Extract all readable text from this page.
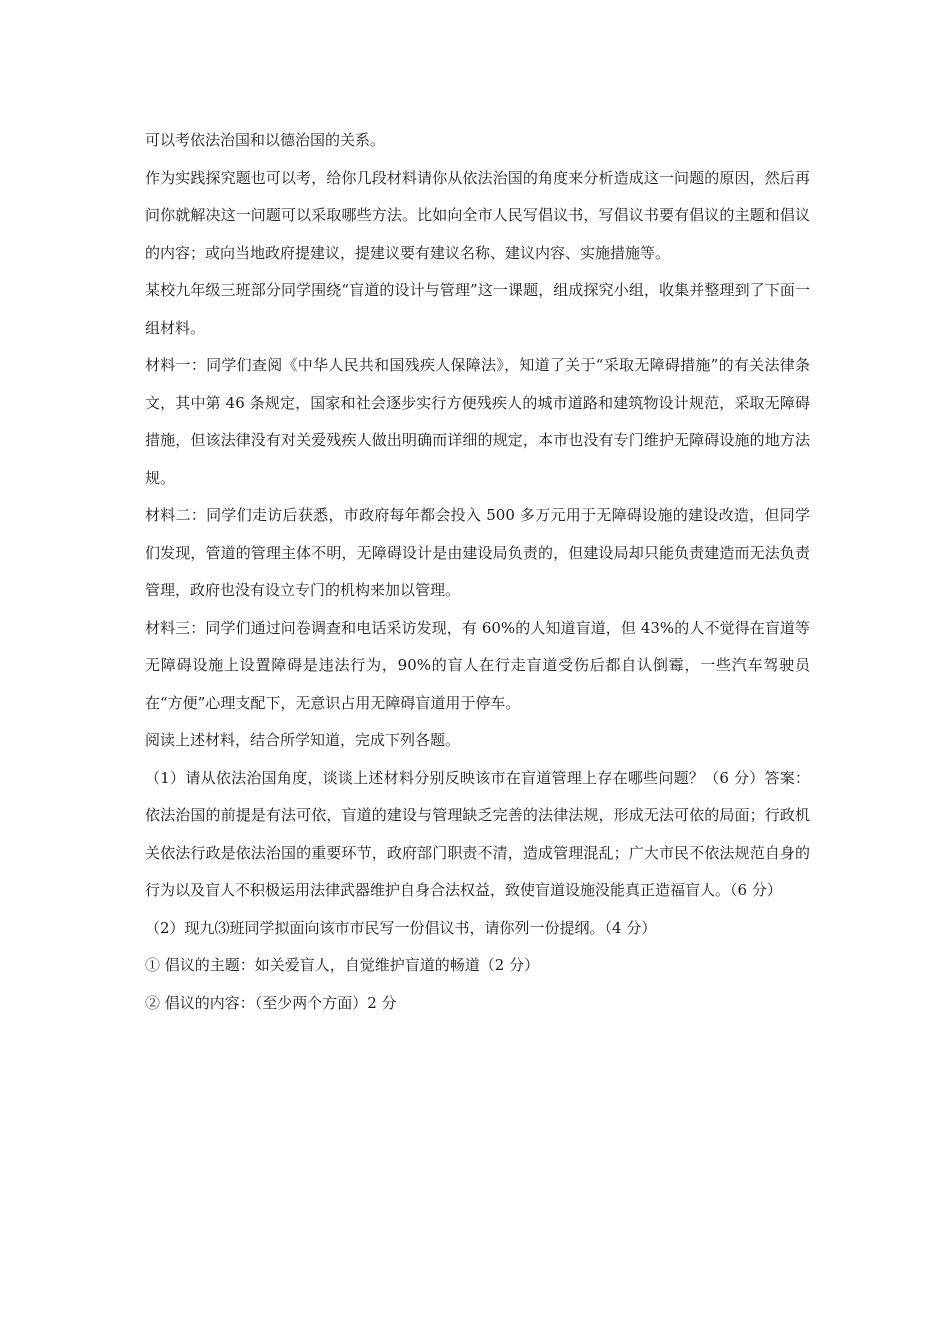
可以考依法治国和以德治国的关系。

作为实践探究题也可以考，给你几段材料请你从依法治国的角度来分析造成这一问题的原因，然后再问你就解决这一问题可以采取哪些方法。比如向全市人民写倡议书，写倡议书要有倡议的主题和倡议的内容；或向当地政府提建议，提建议要有建议名称、建议内容、实施措施等。

某校九年级三班部分同学围绕“盲道的设计与管理”这一课题，组成探究小组，收集并整理到了下面一组材料。

材料一：同学们查阅《中华人民共和国残疾人保障法》，知道了关于“采取无障碍措施”的有关法律条文，其中第 46 条规定，国家和社会逐步实行方便残疾人的城市道路和建筑物设计规范，采取无障碍措施，但该法律没有对关爱残疾人做出明确而详细的规定，本市也没有专门维护无障碍设施的地方法规。

材料二：同学们走访后获悉，市政府每年都会投入 500 多万元用于无障碍设施的建设改造，但同学们发现，管道的管理主体不明，无障碍设计是由建设局负责的，但建设局却只能负责建造而无法负责管理，政府也没有设立专门的机构来加以管理。

材料三：同学们通过问卷调查和电话采访发现，有 60%的人知道盲道，但 43%的人不觉得在盲道等无障碍设施上设置障碍是违法行为，90%的盲人在行走盲道受伤后都自认倒霉，一些汽车驾驶员在“方便”心理支配下，无意识占用无障碍盲道用于停车。

阅读上述材料，结合所学知道，完成下列各题。

（1）请从依法治国角度，谈谈上述材料分别反映该市在盲道管理上存在哪些问题？（6 分）答案：依法治国的前提是有法可依，盲道的建设与管理缺乏完善的法律法规，形成无法可依的局面；行政机关依法行政是依法治国的重要环节，政府部门职责不清，造成管理混乱；广大市民不依法规范自身的行为以及盲人不积极运用法律武器维护自身合法权益，致使盲道设施没能真正造福盲人。（6 分）

（2）现九⑶班同学拟面向该市市民写一份倡议书，请你列一份提纲。（4 分）

① 倡议的主题：如关爱盲人，自觉维护盲道的畅道（2 分）

② 倡议的内容：（至少两个方面）2 分
